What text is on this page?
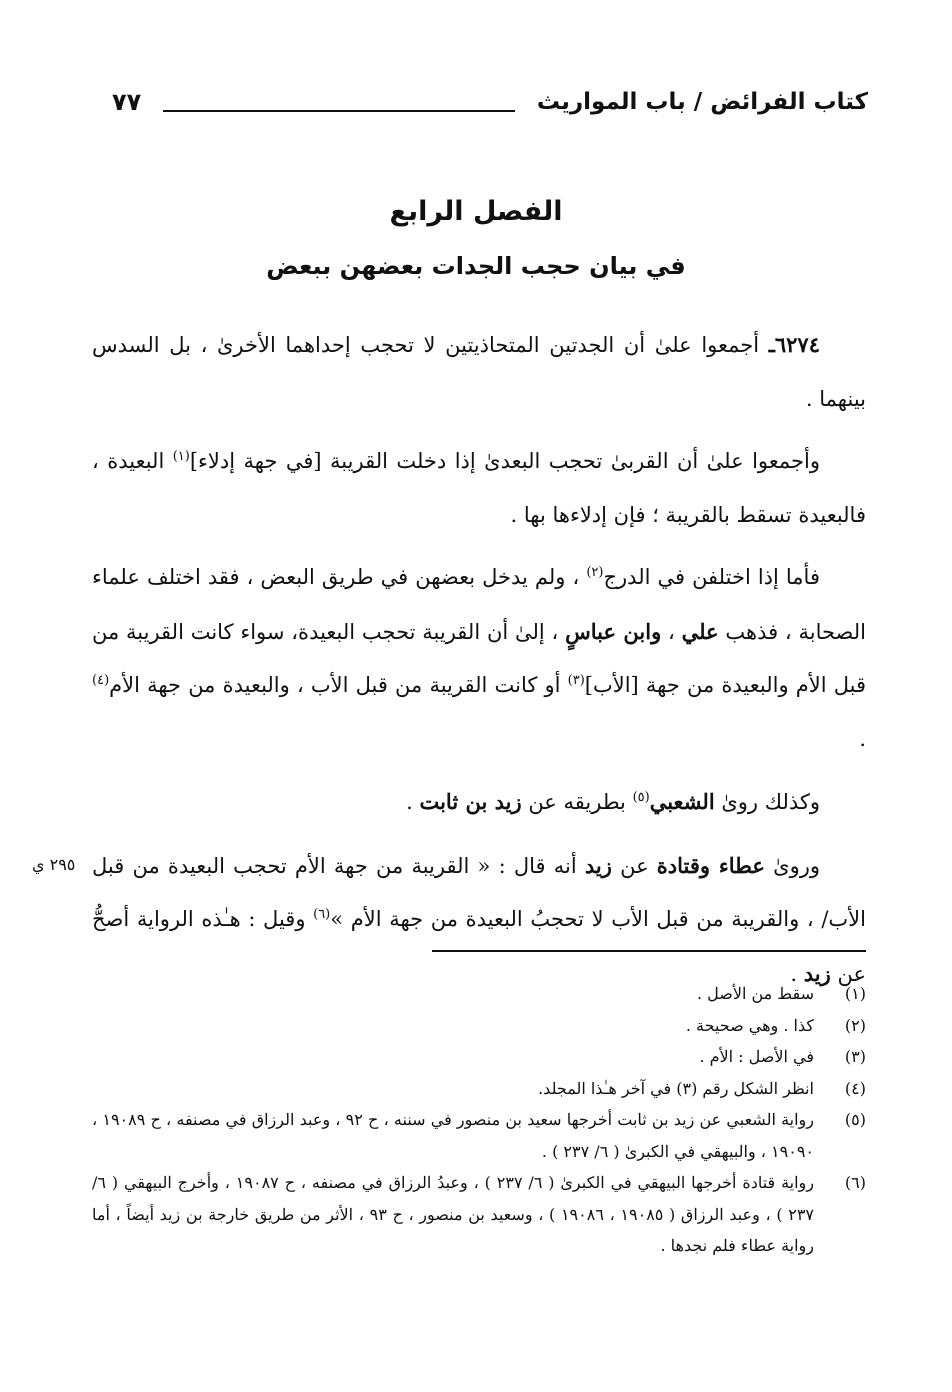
كتاب الفرائض / باب المواريث
٧٧
الفصل الرابع
في بيان حجب الجدات بعضهن ببعض

٦٢٧٤ـ أجمعوا علىٰ أن الجدتين المتحاذيتين لا تحجب إحداهما الأخرىٰ ، بل السدس بينهما .

وأجمعوا علىٰ أن القربىٰ تحجب البعدىٰ إذا دخلت القريبة [في جهة إدلاء]$^{(١)}$ البعيدة ، فالبعيدة تسقط بالقريبة ؛ فإن إدلاءها بها .

فأما إذا اختلفن في الدرج$^{(٢)}$ ، ولم يدخل بعضهن في طريق البعض ، فقد اختلف علماء الصحابة ، فذهب علي ، وابن عباسٍ ، إلىٰ أن القريبة تحجب البعيدة، سواء كانت القريبة من قبل الأم والبعيدة من جهة [الأب]$^{(٣)}$ أو كانت القريبة من قبل الأب ، والبعيدة من جهة الأم$^{(٤)}$ .

وكذلك روىٰ الشعبي$^{(٥)}$ بطريقه عن زيد بن ثابت .

وروىٰ عطاء وقتادة عن زيد أنه قال : « القريبة من جهة الأم تحجب البعيدة من قبل الأب/ ، والقريبة من قبل الأب لا تحجبُ البعيدة من جهة الأم »$^{(٦)}$ وقيل : هـٰذه الرواية أصحُّ عن زيد .

٢٩٥ ي
(١)
سقط من الأصل .
(٢)
كذا . وهي صحيحة .
(٣)
في الأصل : الأم .
(٤)
انظر الشكل رقم (٣) في آخر هـٰذا المجلد.
(٥)
رواية الشعبي عن زيد بن ثابت أخرجها سعيد بن منصور في سننه ، ح ٩٢ ، وعبد الرزاق في مصنفه ، ح ١٩٠٨٩ ، ١٩٠٩٠ ، والبيهقي في الكبرىٰ ( ٦/ ٢٣٧ ) .
(٦)
رواية قتادة أخرجها البيهقي في الكبرىٰ ( ٦/ ٢٣٧ ) ، وعبدُ الرزاق في مصنفه ، ح ١٩٠٨٧ ، وأخرج البيهقي ( ٦/ ٢٣٧ ) ، وعبد الرزاق ( ١٩٠٨٥ ، ١٩٠٨٦ ) ، وسعيد بن منصور ، ح ٩٣ ، الأثر من طريق خارجة بن زيد أيضاً ، أما رواية عطاء فلم نجدها .
